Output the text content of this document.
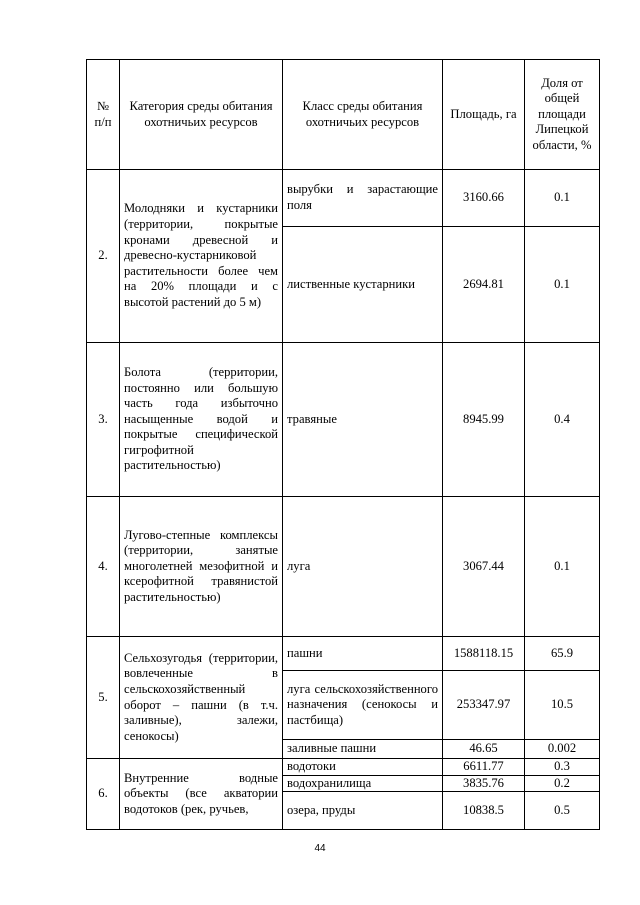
№ п/п	Категория среды обитания охотничьих ресурсов	Класс среды обитания охотничьих ресурсов	Площадь, га	Доля от общей площади Липецкой области, %
2.	Молодняки и кустарники (территории, покрытые кронами древесной и древесно-кустарниковой растительности более чем на 20% площади и с высотой растений до 5 м)	вырубки и зарастающие поля	3160.66	0.1
		лиственные кустарники	2694.81	0.1
3.	Болота (территории, постоянно или большую часть года избыточно насыщенные водой и покрытые специфической гигрофитной растительностью)	травяные	8945.99	0.4
4.	Лугово-степные комплексы (территории, занятые многолетней мезофитной и ксерофитной травянистой растительностью)	луга	3067.44	0.1
5.	Сельхозугодья (территории, вовлеченные в сельскохозяйственный оборот – пашни (в т.ч. заливные), залежи, сенокосы)	пашни	1588118.15	65.9
		луга сельскохозяйственного назначения (сенокосы и пастбища)	253347.97	10.5
		заливные пашни	46.65	0.002
6.	Внутренние водные объекты (все акватории водотоков (рек, ручьев,	водотоки	6611.77	0.3
		водохранилища	3835.76	0.2
		озера, пруды	10838.5	0.5
44
